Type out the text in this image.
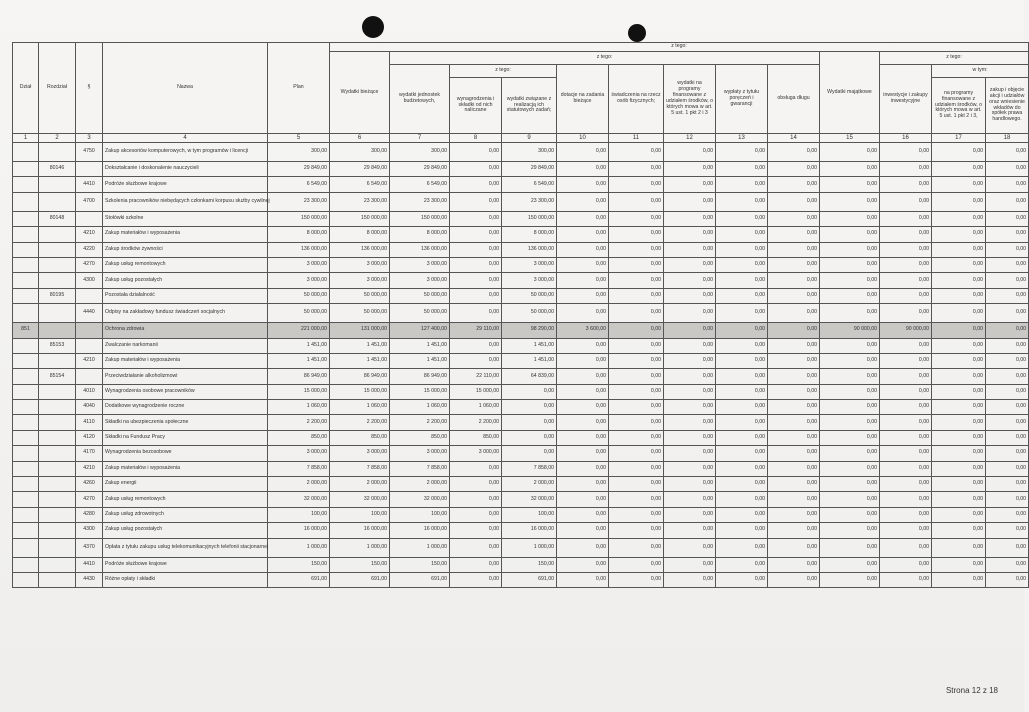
Dział	Rozdział	§	Nazwa	Plan	z tego:												
					Wydatki bieżące	z tego:								Wydatki majątkowe	z tego:		
						wydatki jednostek budżetowych,	z tego:		dotacje na zadania bieżące	świadczenia na rzecz osób fizycznych;	wydatki na programy finansowane z udziałem środków, o których mowa w art. 5 ust. 1 pkt 2 i 3	wypłaty z tytułu poręczeń i gwarancji	obsługa długu		inwestycje i zakupy inwestycyjne	w tym:	
							wynagrodzenia i składki od nich naliczane	wydatki związane z realizacją ich statutowych zadań;								na programy finansowane z udziałem środków, o których mowa w art. 5 ust. 1 pkt 2 i 3,	zakup i objęcie akcji i udziałów oraz wniesienie wkładów do spółek prawa handlowego.
1	2	3	4	5	6	7	8	9	10	11	12	13	14	15	16	17	18
		4750	Zakup akcesoriów komputerowych, w tym programów i licencji	300,00	300,00	300,00	0,00	300,00	0,00	0,00	0,00	0,00	0,00	0,00	0,00	0,00	0,00
	80146		Dokształcanie i doskonalenie nauczycieli	29 849,00	29 849,00	29 849,00	0,00	29 849,00	0,00	0,00	0,00	0,00	0,00	0,00	0,00	0,00	0,00
		4410	Podróże służbowe krajowe	6 549,00	6 549,00	6 549,00	0,00	6 549,00	0,00	0,00	0,00	0,00	0,00	0,00	0,00	0,00	0,00
		4700	Szkolenia pracowników niebędących członkami korpusu służby cywilnej	23 300,00	23 300,00	23 300,00	0,00	23 300,00	0,00	0,00	0,00	0,00	0,00	0,00	0,00	0,00	0,00
	80148		Stołówki szkolne	150 000,00	150 000,00	150 000,00	0,00	150 000,00	0,00	0,00	0,00	0,00	0,00	0,00	0,00	0,00	0,00
		4210	Zakup materiałów i wyposażenia	8 000,00	8 000,00	8 000,00	0,00	8 000,00	0,00	0,00	0,00	0,00	0,00	0,00	0,00	0,00	0,00
		4220	Zakup środków żywności	136 000,00	136 000,00	136 000,00	0,00	136 000,00	0,00	0,00	0,00	0,00	0,00	0,00	0,00	0,00	0,00
		4270	Zakup usług remontowych	3 000,00	3 000,00	3 000,00	0,00	3 000,00	0,00	0,00	0,00	0,00	0,00	0,00	0,00	0,00	0,00
		4300	Zakup usług pozostałych	3 000,00	3 000,00	3 000,00	0,00	3 000,00	0,00	0,00	0,00	0,00	0,00	0,00	0,00	0,00	0,00
	80195		Pozostała działalność	50 000,00	50 000,00	50 000,00	0,00	50 000,00	0,00	0,00	0,00	0,00	0,00	0,00	0,00	0,00	0,00
		4440	Odpisy na zakładowy fundusz świadczeń socjalnych	50 000,00	50 000,00	50 000,00	0,00	50 000,00	0,00	0,00	0,00	0,00	0,00	0,00	0,00	0,00	0,00
851			Ochrona zdrowia	221 000,00	131 000,00	127 400,00	29 110,00	98 290,00	3 600,00	0,00	0,00	0,00	0,00	90 000,00	90 000,00	0,00	0,00
	85153		Zwalczanie narkomanii	1 451,00	1 451,00	1 451,00	0,00	1 451,00	0,00	0,00	0,00	0,00	0,00	0,00	0,00	0,00	0,00
		4210	Zakup materiałów i wyposażenia	1 451,00	1 451,00	1 451,00	0,00	1 451,00	0,00	0,00	0,00	0,00	0,00	0,00	0,00	0,00	0,00
	85154		Przeciwdziałanie alkoholizmowi	86 949,00	86 949,00	86 949,00	22 110,00	64 839,00	0,00	0,00	0,00	0,00	0,00	0,00	0,00	0,00	0,00
		4010	Wynagrodzenia osobowe pracowników	15 000,00	15 000,00	15 000,00	15 000,00	0,00	0,00	0,00	0,00	0,00	0,00	0,00	0,00	0,00	0,00
		4040	Dodatkowe wynagrodzenie roczne	1 060,00	1 060,00	1 060,00	1 060,00	0,00	0,00	0,00	0,00	0,00	0,00	0,00	0,00	0,00	0,00
		4110	Składki na ubezpieczenia społeczne	2 200,00	2 200,00	2 200,00	2 200,00	0,00	0,00	0,00	0,00	0,00	0,00	0,00	0,00	0,00	0,00
		4120	Składki na Fundusz Pracy	850,00	850,00	850,00	850,00	0,00	0,00	0,00	0,00	0,00	0,00	0,00	0,00	0,00	0,00
		4170	Wynagrodzenia bezosobowe	3 000,00	3 000,00	3 000,00	3 000,00	0,00	0,00	0,00	0,00	0,00	0,00	0,00	0,00	0,00	0,00
		4210	Zakup materiałów i wyposażenia	7 858,00	7 858,00	7 858,00	0,00	7 858,00	0,00	0,00	0,00	0,00	0,00	0,00	0,00	0,00	0,00
		4260	Zakup energii	2 000,00	2 000,00	2 000,00	0,00	2 000,00	0,00	0,00	0,00	0,00	0,00	0,00	0,00	0,00	0,00
		4270	Zakup usług remontowych	32 000,00	32 000,00	32 000,00	0,00	32 000,00	0,00	0,00	0,00	0,00	0,00	0,00	0,00	0,00	0,00
		4280	Zakup usług zdrowotnych	100,00	100,00	100,00	0,00	100,00	0,00	0,00	0,00	0,00	0,00	0,00	0,00	0,00	0,00
		4300	Zakup usług pozostałych	16 000,00	16 000,00	16 000,00	0,00	16 000,00	0,00	0,00	0,00	0,00	0,00	0,00	0,00	0,00	0,00
		4370	Opłata z tytułu zakupu usług telekomunikacyjnych telefonii stacjonarnej	1 000,00	1 000,00	1 000,00	0,00	1 000,00	0,00	0,00	0,00	0,00	0,00	0,00	0,00	0,00	0,00
		4410	Podróże służbowe krajowe	150,00	150,00	150,00	0,00	150,00	0,00	0,00	0,00	0,00	0,00	0,00	0,00	0,00	0,00
		4430	Różne opłaty i składki	691,00	691,00	691,00	0,00	691,00	0,00	0,00	0,00	0,00	0,00	0,00	0,00	0,00	0,00
Strona 12 z 18
